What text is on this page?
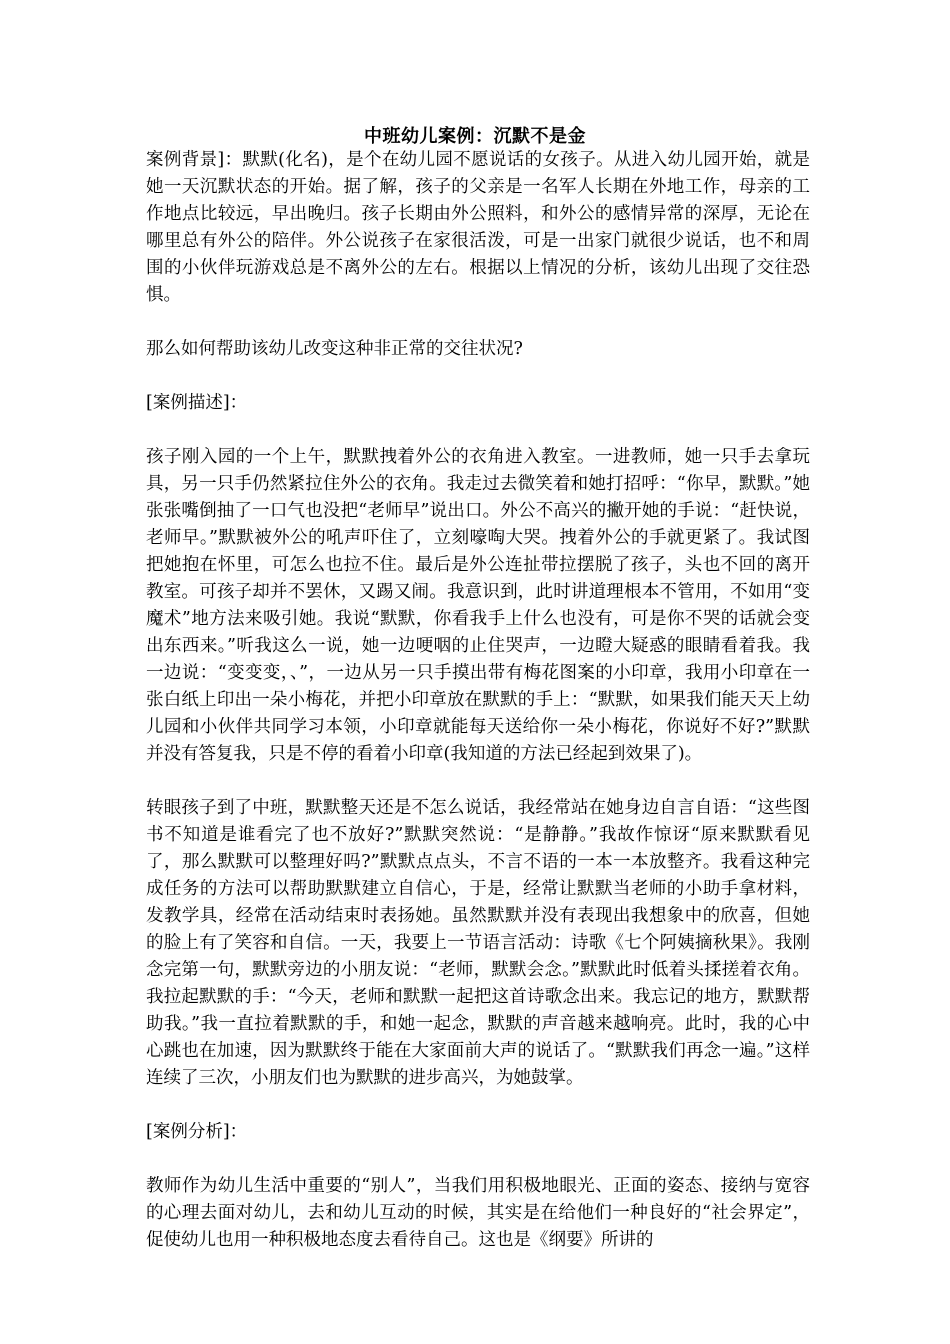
中班幼儿案例：沉默不是金

案例背景]：默默(化名)，是个在幼儿园不愿说话的女孩子。从进入幼儿园开始，就是她一天沉默状态的开始。据了解，孩子的父亲是一名军人长期在外地工作，母亲的工作地点比较远，早出晚归。孩子长期由外公照料，和外公的感情异常的深厚，无论在哪里总有外公的陪伴。外公说孩子在家很活泼，可是一出家门就很少说话，也不和周围的小伙伴玩游戏总是不离外公的左右。根据以上情况的分析，该幼儿出现了交往恐惧。

那么如何帮助该幼儿改变这种非正常的交往状况?

[案例描述]：

孩子刚入园的一个上午，默默拽着外公的衣角进入教室。一进教师，她一只手去拿玩具，另一只手仍然紧拉住外公的衣角。我走过去微笑着和她打招呼：“你早，默默。”她张张嘴倒抽了一口气也没把“老师早”说出口。外公不高兴的撇开她的手说：“赶快说，老师早。”默默被外公的吼声吓住了，立刻嚎啕大哭。拽着外公的手就更紧了。我试图把她抱在怀里，可怎么也拉不住。最后是外公连扯带拉摆脱了孩子，头也不回的离开教室。可孩子却并不罢休，又踢又闹。我意识到，此时讲道理根本不管用，不如用“变魔术”地方法来吸引她。我说“默默，你看我手上什么也没有，可是你不哭的话就会变出东西来。”听我这么一说，她一边哽咽的止住哭声，一边瞪大疑惑的眼睛看着我。我一边说：“变变变，、”，一边从另一只手摸出带有梅花图案的小印章，我用小印章在一张白纸上印出一朵小梅花，并把小印章放在默默的手上：“默默，如果我们能天天上幼儿园和小伙伴共同学习本领，小印章就能每天送给你一朵小梅花，你说好不好?”默默并没有答复我，只是不停的看着小印章(我知道的方法已经起到效果了)。

转眼孩子到了中班，默默整天还是不怎么说话，我经常站在她身边自言自语：“这些图书不知道是谁看完了也不放好?”默默突然说：“是静静。”我故作惊讶“原来默默看见了，那么默默可以整理好吗?”默默点点头，不言不语的一本一本放整齐。我看这种完成任务的方法可以帮助默默建立自信心，于是，经常让默默当老师的小助手拿材料，发教学具，经常在活动结束时表扬她。虽然默默并没有表现出我想象中的欣喜，但她的脸上有了笑容和自信。一天，我要上一节语言活动：诗歌《七个阿姨摘秋果》。我刚念完第一句，默默旁边的小朋友说：“老师，默默会念。”默默此时低着头揉搓着衣角。我拉起默默的手：“今天，老师和默默一起把这首诗歌念出来。我忘记的地方，默默帮助我。”我一直拉着默默的手，和她一起念，默默的声音越来越响亮。此时，我的心中心跳也在加速，因为默默终于能在大家面前大声的说话了。“默默我们再念一遍。”这样连续了三次，小朋友们也为默默的进步高兴，为她鼓掌。

[案例分析]：

教师作为幼儿生活中重要的“别人”，当我们用积极地眼光、正面的姿态、接纳与宽容的心理去面对幼儿，去和幼儿互动的时候，其实是在给他们一种良好的“社会界定”，促使幼儿也用一种积极地态度去看待自己。这也是《纲要》所讲的
